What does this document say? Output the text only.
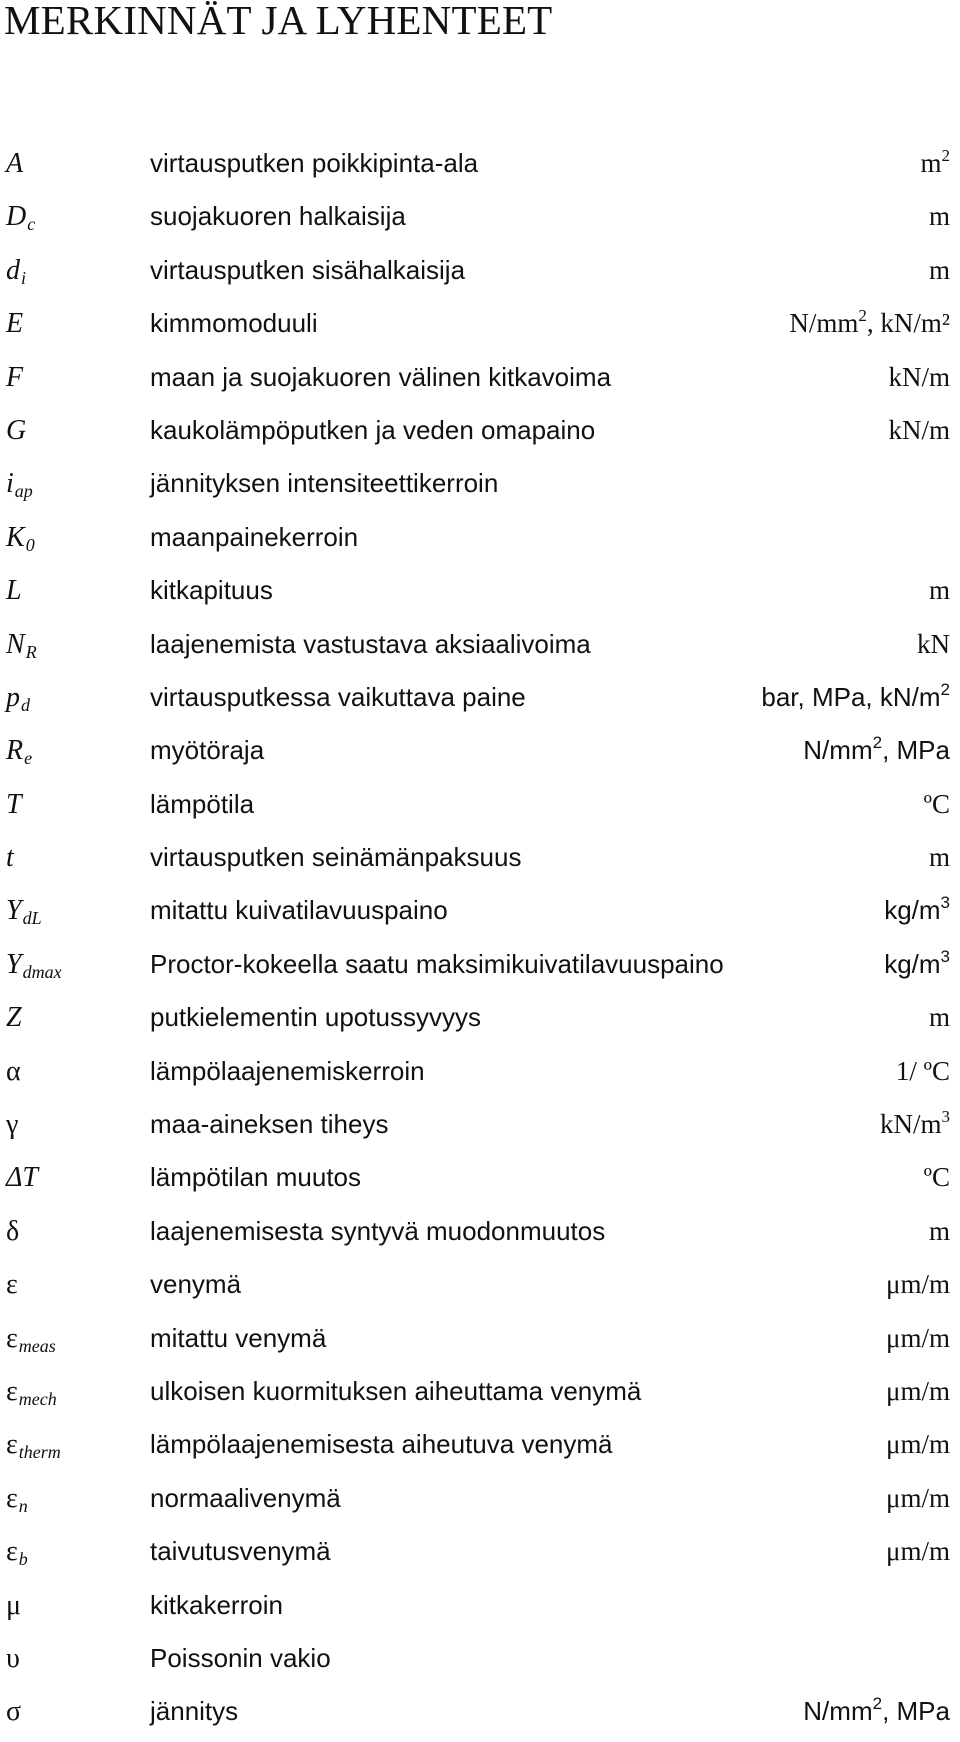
MERKINNÄT JA LYHENTEET
A	virtausputken poikkipinta-ala	$m^2$
Dc	suojakuoren halkaisija	m
di	virtausputken sisähalkaisija	m
E	kimmomoduuli	$N/mm^2$, kN/m²
F	maan ja suojakuoren välinen kitkavoima	kN/m
G	kaukolämpöputken ja veden omapaino	kN/m
iap	jännityksen intensiteettikerroin
K0	maanpainekerroin
L	kitkapituus	m
NR	laajenemista vastustava aksiaalivoima	kN
pd	virtausputkessa vaikuttava paine	bar, MPa, $kN/m^2$
Re	myötöraja	$N/mm^2$, MPa
T	lämpötila	ºC
t	virtausputken seinämänpaksuus	m
YdL	mitattu kuivatilavuuspaino	$kg/m^3$
Ydmax	Proctor-kokeella saatu maksimikuivatilavuuspaino	$kg/m^3$
Z	putkielementin upotussyvyys	m
α	lämpölaajenemiskerroin	1/ ºC
γ	maa-aineksen tiheys	$kN/m^3$
ΔT	lämpötilan muutos	ºC
δ	laajenemisesta syntyvä muodonmuutos	m
ε	venymä	μm/m
εmeas	mitattu venymä	μm/m
εmech	ulkoisen kuormituksen aiheuttama venymä	μm/m
εtherm	lämpölaajenemisesta aiheutuva venymä	μm/m
εn	normaalivenymä	μm/m
εb	taivutusvenymä	μm/m
μ	kitkakerroin
υ	Poissonin vakio
σ	jännitys	$N/mm^2$, MPa
